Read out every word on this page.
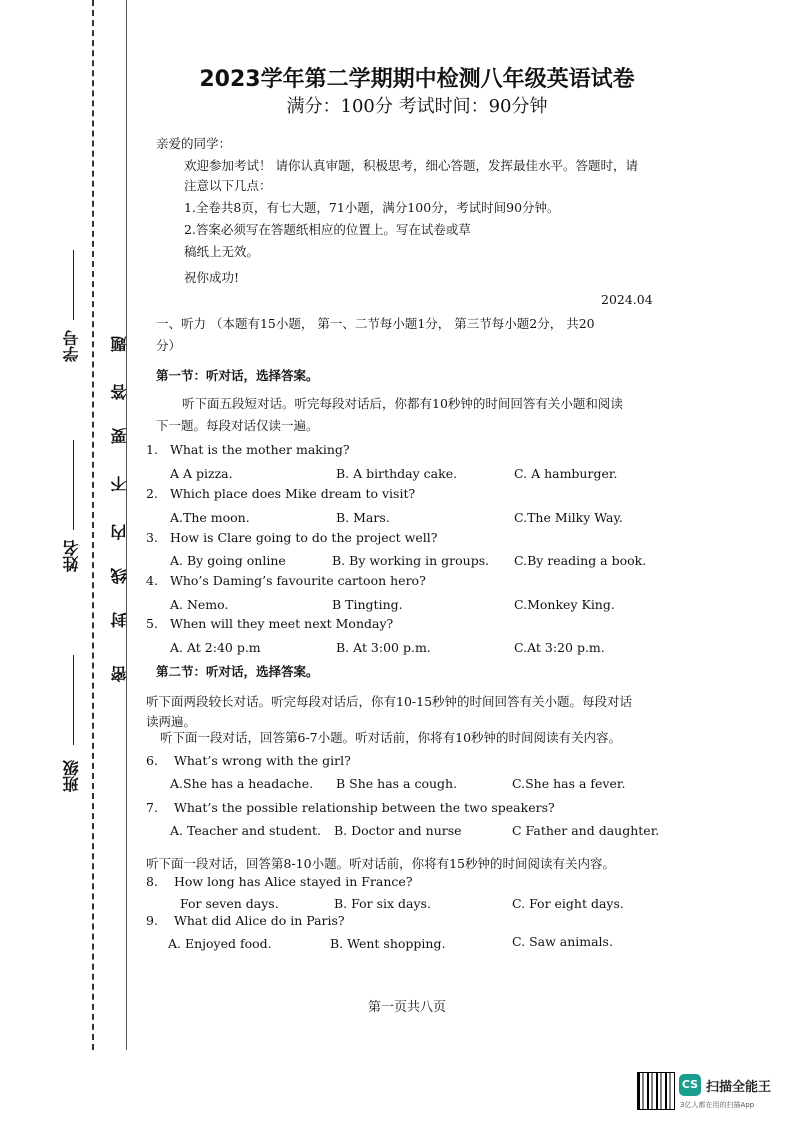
学号
姓名
班级
密
封
线
内
不
要
答
题
2023学年第二学期期中检测八年级英语试卷
满分：100分 考试时间：90分钟
亲爱的同学：
欢迎参加考试！ 请你认真审题，积极思考，细心答题，发挥最佳水平。答题时，请
注意以下几点：
1.全卷共8页，有七大题，71小题，满分100分，考试时间90分钟。
2.答案必须写在答题纸相应的位置上。写在试卷或草
稿纸上无效。
祝你成功!
2024.04
一、听力 （本题有15小题， 第一、二节每小题1分， 第三节每小题2分， 共20
分）
第一节：听对话，选择答案。
听下面五段短对话。听完每段对话后，你都有10秒钟的时间回答有关小题和阅读
下一题。每段对话仅读一遍。
1. What is the mother making?
A A pizza.	B. A birthday cake.	C. A hamburger.
2. Which place does Mike dream to visit?
A.The moon.	B. Mars.	C.The Milky Way.
3. How is Clare going to do the project well?
A. By going online	B. By working in groups. C.By reading a book.
4. Who’s Daming’s favourite cartoon hero?
A. Nemo.	B Tingting.	C.Monkey King.
5. When will they meet next Monday?
A. At 2:40 p.m	B. At 3:00 p.m.	C.At 3:20 p.m.
第二节：听对话，选择答案。
听下面两段较长对话。听完每段对话后，你有10-15秒钟的时间回答有关小题。每段对话
读两遍。
听下面一段对话，回答第6-7小题。听对话前，你将有10秒钟的时间阅读有关内容。
6. What’s wrong with the girl?
A.She has a headache. B She has a cough.	C.She has a fever.
7. What’s the possible relationship between the two speakers?
A. Teacher and student. B. Doctor and nurse	C Father and daughter.
听下面一段对话，回答第8-10小题。听对话前，你将有15秒钟的时间阅读有关内容。
8. How long has Alice stayed in France?
For seven days.	B. For six days.	C. For eight days.
9. What did Alice do in Paris?
A. Enjoyed food.	B. Went shopping.	C. Saw animals.
第一页共八页
CS 扫描全能王
3亿人都在用的扫描App
